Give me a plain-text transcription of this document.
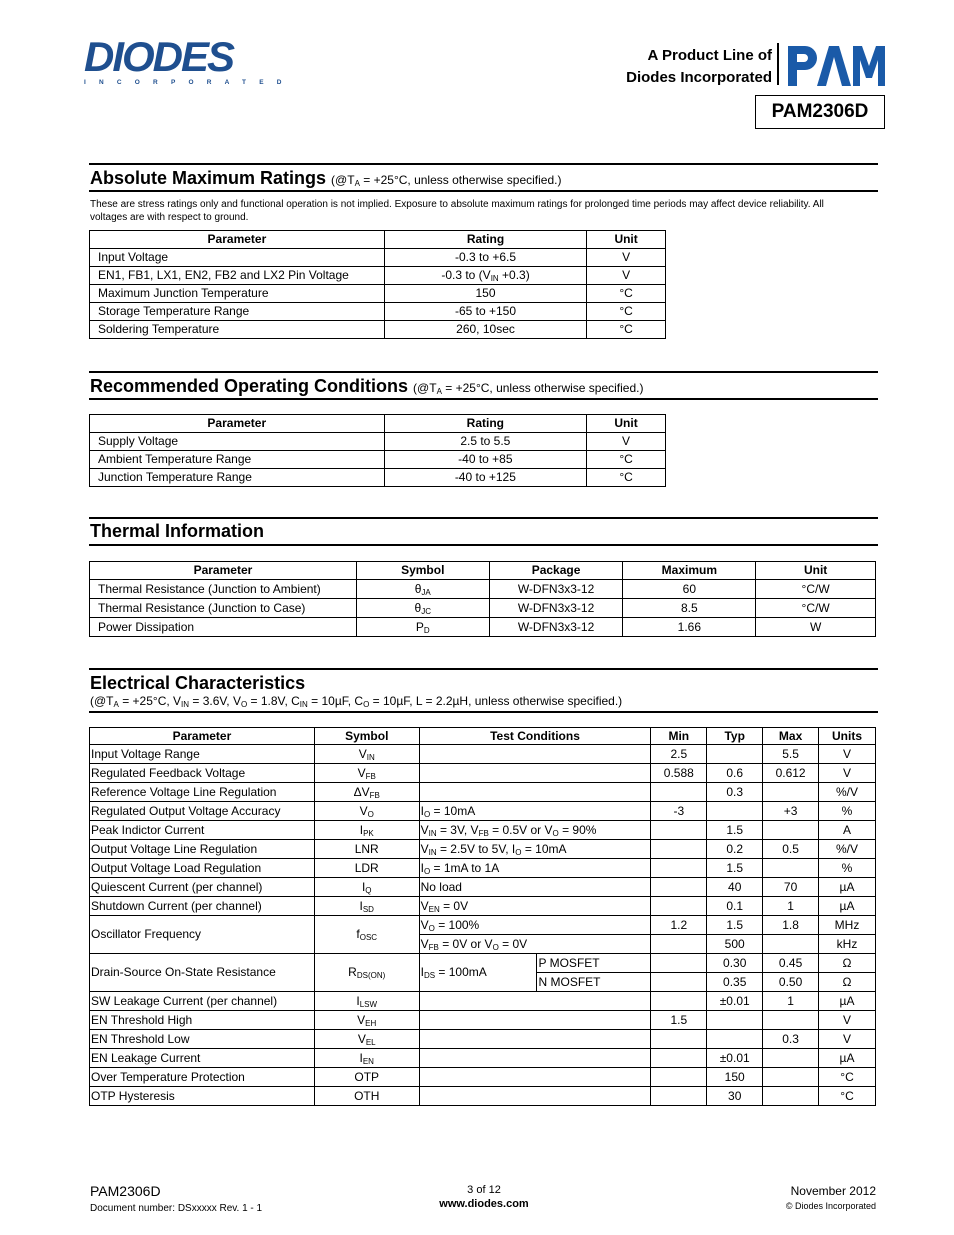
DIODES
INCORPORATED
A Product Line of
Diodes Incorporated
PAM
PAM2306D
Absolute Maximum Ratings ($@T_A = +25^\circ C$, unless otherwise specified.)
These are stress ratings only and functional operation is not implied. Exposure to absolute maximum ratings for prolonged time periods may affect device reliability. All voltages are with respect to ground.
Parameter	Rating	Unit
Input Voltage	-0.3 to +6.5	V
EN1, FB1, LX1, EN2, FB2 and LX2 Pin Voltage	-0.3 to $(V_{IN} +0.3)$	V
Maximum Junction Temperature	150	°C
Storage Temperature Range	-65 to +150	°C
Soldering Temperature	260, 10sec	°C
Recommended Operating Conditions ($@T_A = +25^\circ C$, unless otherwise specified.)
Parameter	Rating	Unit
Supply Voltage	2.5 to 5.5	V
Ambient Temperature Range	-40 to +85	°C
Junction Temperature Range	-40 to +125	°C
Thermal Information
Parameter	Symbol	Package	Maximum	Unit
Thermal Resistance (Junction to Ambient)	$\theta_{JA}$	W-DFN3x3-12	60	°C/W
Thermal Resistance (Junction to Case)	$\theta_{JC}$	W-DFN3x3-12	8.5	°C/W
Power Dissipation	$P_D$	W-DFN3x3-12	1.66	W
Electrical Characteristics
($@T_A = +25^\circ C$, $V_{IN} = 3.6V$, $V_O = 1.8V$, $C_{IN} = 10\mu F$, $C_O = 10\mu F$, L = 2.2µH, unless otherwise specified.)
Parameter	Symbol	Test Conditions		Min	Typ	Max	Units
Input Voltage Range	$V_{IN}$			2.5		5.5	V
Regulated Feedback Voltage	$V_{FB}$			0.588	0.6	0.612	V
Reference Voltage Line Regulation	$\Delta V_{FB}$				0.3		%/V
Regulated Output Voltage Accuracy	$V_O$	$I_O = 10mA$		-3		+3	%
Peak Indictor Current	$I_{PK}$	$V_{IN} = 3V$, $V_{FB} = 0.5V$ or $V_O = 90\%$			1.5		A
Output Voltage Line Regulation	LNR	$V_{IN} = 2.5V$ to 5V, $I_O = 10mA$			0.2	0.5	%/V
Output Voltage Load Regulation	LDR	$I_O = 1mA$ to 1A			1.5		%
Quiescent Current (per channel)	$I_Q$	No load			40	70	µA
Shutdown Current (per channel)	$I_{SD}$	$V_{EN} = 0V$			0.1	1	µA
Oscillator Frequency	$f_{OSC}$	$V_O = 100\%$		1.2	1.5	1.8	MHz
		$V_{FB} = 0V$ or $V_O = 0V$			500		kHz
Drain-Source On-State Resistance	$R_{DS(ON)}$	$I_{DS} = 100mA$	P MOSFET		0.30	0.45	Ω
			N MOSFET		0.35	0.50	Ω
SW Leakage Current (per channel)	$I_{LSW}$				±0.01	1	µA
EN Threshold High	$V_{EH}$			1.5			V
EN Threshold Low	$V_{EL}$					0.3	V
EN Leakage Current	$I_{EN}$				±0.01		µA
Over Temperature Protection	OTP				150		°C
OTP Hysteresis	OTH				30		°C
PAM2306D
Document number: DSxxxxx Rev. 1 - 1
3 of 12
www.diodes.com
November 2012
© Diodes Incorporated
